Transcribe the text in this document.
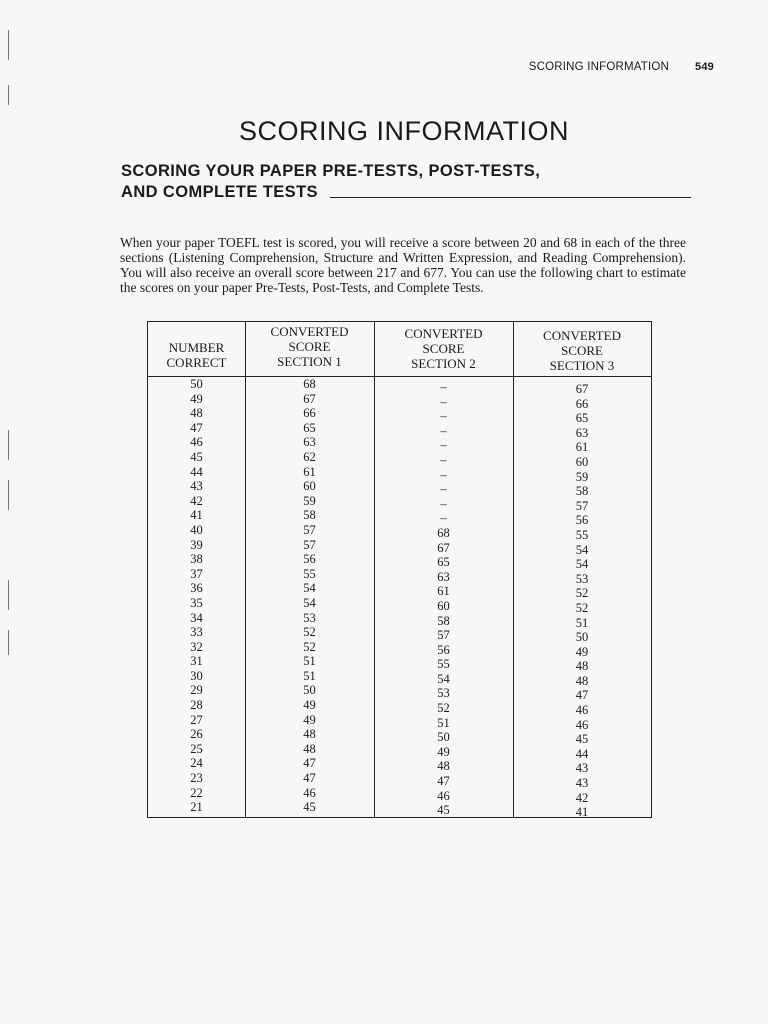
SCORING INFORMATION 549
SCORING INFORMATION
SCORING YOUR PAPER PRE-TESTS, POST-TESTS,
AND COMPLETE TESTS

When your paper TOEFL test is scored, you will receive a score between 20 and 68 in each of the three sections (Listening Comprehension, Structure and Written Expression, and Reading Comprehension). You will also receive an overall score between 217 and 677. You can use the following chart to estimate the scores on your paper Pre-Tests, Post-Tests, and Complete Tests.

NUMBER
CORRECT
50
49
48
47
46
45
44
43
42
41
40
39
38
37
36
35
34
33
32
31
30
29
28
27
26
25
24
23
22
21
CONVERTED
SCORE
SECTION 1
68
67
66
65
63
62
61
60
59
58
57
57
56
55
54
54
53
52
52
51
51
50
49
49
48
48
47
47
46
45
CONVERTED
SCORE
SECTION 2
–
–
–
–
–
–
–
–
–
–
68
67
65
63
61
60
58
57
56
55
54
53
52
51
50
49
48
47
46
45
CONVERTED
SCORE
SECTION 3
67
66
65
63
61
60
59
58
57
56
55
54
54
53
52
52
51
50
49
48
48
47
46
46
45
44
43
43
42
41
